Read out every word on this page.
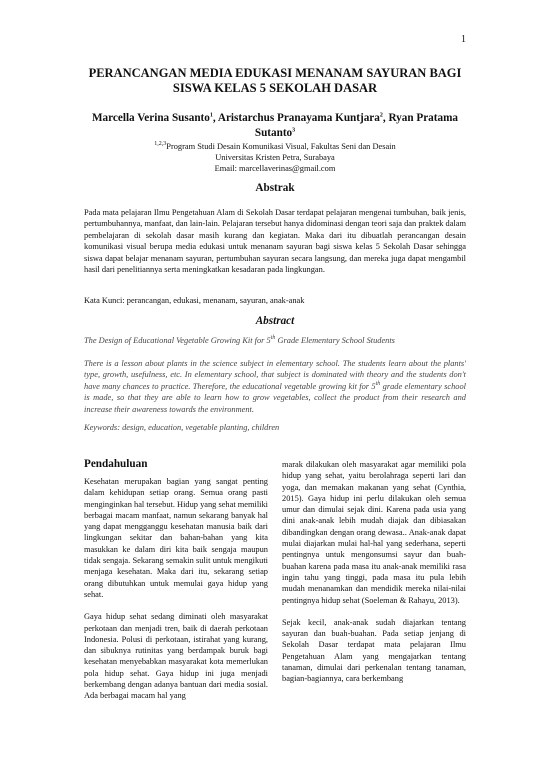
1
PERANCANGAN MEDIA EDUKASI MENANAM SAYURAN BAGI SISWA KELAS 5 SEKOLAH DASAR
Marcella Verina Susanto$^1$, Aristarchus Pranayama Kuntjara$^2$, Ryan Pratama Sutanto$^3$
$^{1,2,3}$Program Studi Desain Komunikasi Visual, Fakultas Seni dan Desain
Universitas Kristen Petra, Surabaya
Email: marcellaverinas@gmail.com
Abstrak
Pada mata pelajaran Ilmu Pengetahuan Alam di Sekolah Dasar terdapat pelajaran mengenai tumbuhan, baik jenis, pertumbuhannya, manfaat, dan lain-lain. Pelajaran tersebut hanya didominasi dengan teori saja dan praktek dalam pembelajaran di sekolah dasar masih kurang dan kegiatan. Maka dari itu dibuatlah perancangan desain komunikasi visual berupa media edukasi untuk menanam sayuran bagi siswa kelas 5 Sekolah Dasar sehingga siswa dapat belajar menanam sayuran, pertumbuhan sayuran secara langsung, dan mereka juga dapat mengambil hasil dari penelitiannya serta meningkatkan kesadaran pada lingkungan.
Kata Kunci: perancangan, edukasi, menanam, sayuran, anak-anak
Abstract
The Design of Educational Vegetable Growing Kit for 5th Grade Elementary School Students
There is a lesson about plants in the science subject in elementary school. The students learn about the plants' type, growth, usefulness, etc. In elementary school, that subject is dominated with theory and the students don't have many chances to practice. Therefore, the educational vegetable growing kit for 5th grade elementary school is made, so that they are able to learn how to grow vegetables, collect the product from their research and increase their awareness towards the environment.
Keywords: design, education, vegetable planting, children
Pendahuluan

Kesehatan merupakan bagian yang sangat penting dalam kehidupan setiap orang. Semua orang pasti menginginkan hal tersebut. Hidup yang sehat memiliki berbagai macam manfaat, namun sekarang banyak hal yang dapat mengganggu kesehatan manusia baik dari lingkungan sekitar dan bahan-bahan yang kita masukkan ke dalam diri kita baik sengaja maupun tidak sengaja. Sekarang semakin sulit untuk mengikuti menjaga kesehatan. Maka dari itu, sekarang setiap orang dibutuhkan untuk memulai gaya hidup yang sehat.

Gaya hidup sehat sedang diminati oleh masyarakat perkotaan dan menjadi tren, baik di daerah perkotaan Indonesia. Polusi di perkotaan, istirahat yang kurang, dan sibuknya rutinitas yang berdampak buruk bagi kesehatan menyebabkan masyarakat kota memerlukan pola hidup sehat. Gaya hidup ini juga menjadi berkembang dengan adanya bantuan dari media sosial. Ada berbagai macam hal yang

marak dilakukan oleh masyarakat agar memiliki pola hidup yang sehat, yaitu berolahraga seperti lari dan yoga, dan memakan makanan yang sehat (Cynthia, 2015). Gaya hidup ini perlu dilakukan oleh semua umur dan dimulai sejak dini. Karena pada usia yang dini anak-anak lebih mudah diajak dan dibiasakan dibandingkan dengan orang dewasa.. Anak-anak dapat mulai diajarkan mulai hal-hal yang sederhana, seperti pentingnya untuk mengonsumsi sayur dan buah-buahan karena pada masa itu anak-anak memiliki rasa ingin tahu yang tinggi, pada masa itu pula lebih mudah menanamkan dan mendidik mereka nilai-nilai pentingnya hidup sehat (Soeleman & Rahayu, 2013).

Sejak kecil, anak-anak sudah diajarkan tentang sayuran dan buah-buahan. Pada setiap jenjang di Sekolah Dasar terdapat mata pelajaran Ilmu Pengetahuan Alam yang mengajarkan tentang tanaman, dimulai dari perkenalan tentang tanaman, bagian-bagiannya, cara berkembang
